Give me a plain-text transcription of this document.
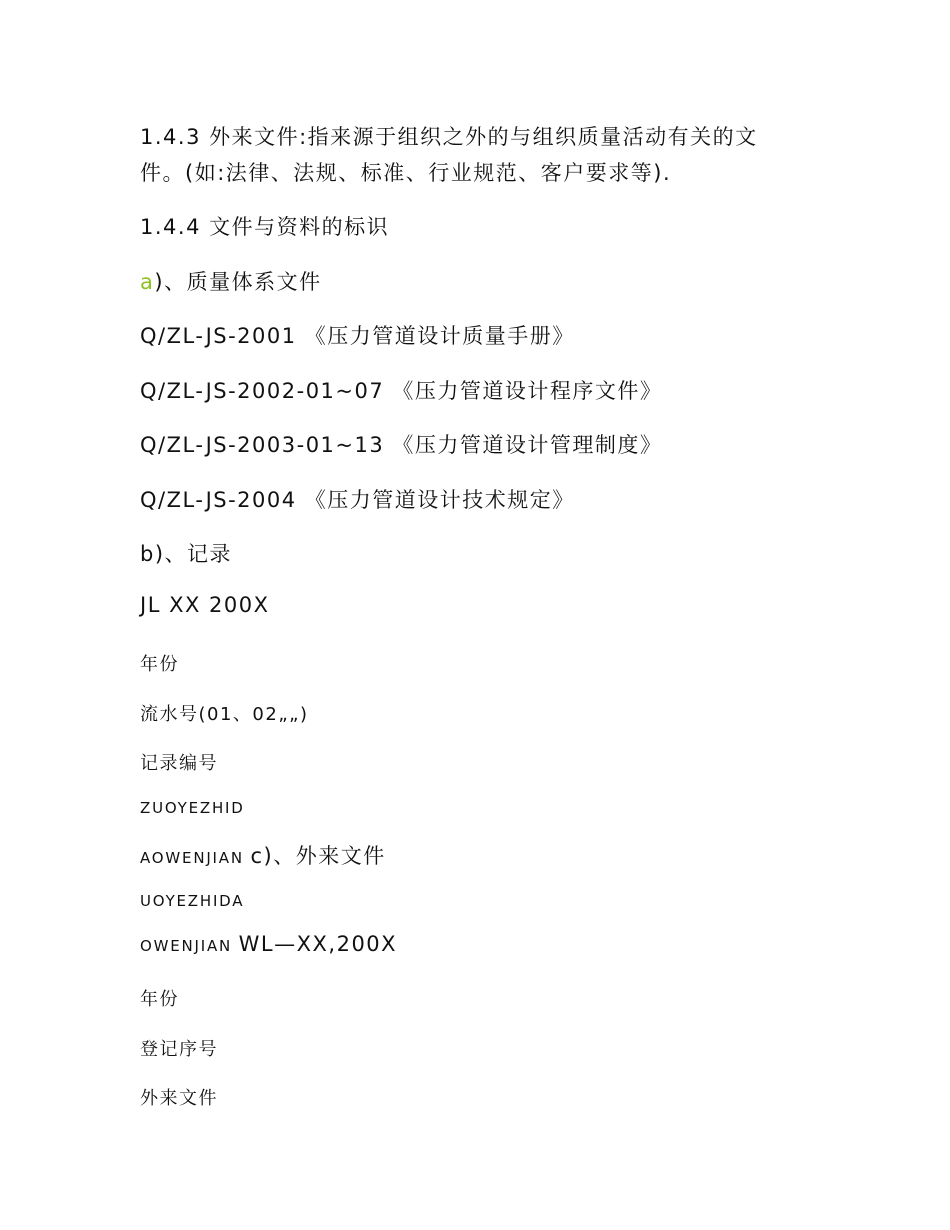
1.4.3 外来文件:指来源于组织之外的与组织质量活动有关的文
件。(如:法律、法规、标准、行业规范、客户要求等).
1.4.4 文件与资料的标识
a)、质量体系文件
Q/ZL-JS-2001 《压力管道设计质量手册》
Q/ZL-JS-2002-01~07 《压力管道设计程序文件》
Q/ZL-JS-2003-01~13 《压力管道设计管理制度》
Q/ZL-JS-2004 《压力管道设计技术规定》
b)、记录
JL XX 200X
年份
流水号(01、02„„)
记录编号
ZUOYEZHID
AOWENJIAN c)、外来文件
UOYEZHIDA
OWENJIAN WL—XX,200X
年份
登记序号
外来文件
